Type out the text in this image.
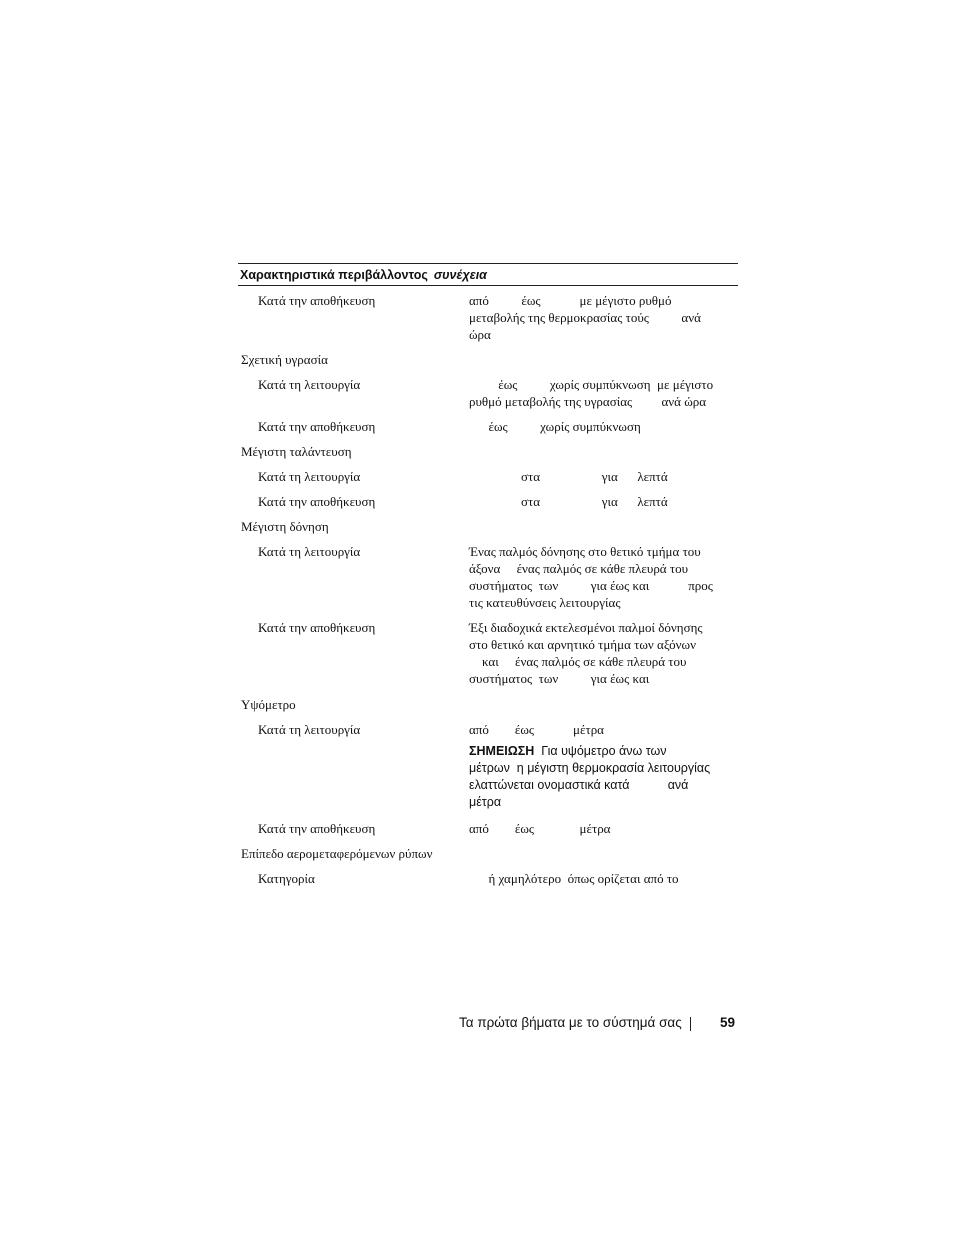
Χαρακτηριστικά περιβάλλοντος συνέχεια
Κατά την αποθήκευση	από          έως            με μέγιστο ρυθμό
μεταβολής της θερμοκρασίας τούς          ανά
ώρα
Σχετική υγρασία
Κατά τη λειτουργία	έως          χωρίς συμπύκνωση  με μέγιστο
ρυθμό μεταβολής της υγρασίας         ανά ώρα
Κατά την αποθήκευση	έως          χωρίς συμπύκνωση
Μέγιστη ταλάντευση
Κατά τη λειτουργία	στα                   για      λεπτά
Κατά την αποθήκευση	στα                   για      λεπτά
Μέγιστη δόνηση
Κατά τη λειτουργία	Ένας παλμός δόνησης στο θετικό τμήμα του
άξονα     ένας παλμός σε κάθε πλευρά του
συστήματος  των          για έως και            προς
τις κατευθύνσεις λειτουργίας
Κατά την αποθήκευση	Έξι διαδοχικά εκτελεσμένοι παλμοί δόνησης
στο θετικό και αρνητικό τμήμα των αξόνων
και     ένας παλμός σε κάθε πλευρά του
συστήματος  των          για έως και
Υψόμετρο
Κατά τη λειτουργία	από        έως            μέτρα
ΣΗΜΕΙΩΣΗ  Για υψόμετρο άνω των
μέτρων  η μέγιστη θερμοκρασία λειτουργίας
ελαττώνεται ονομαστικά κατά           ανά
μέτρα
Κατά την αποθήκευση	από        έως              μέτρα
Επίπεδο αερομεταφερόμενων ρύπων
Κατηγορία	ή χαμηλότερο  όπως ορίζεται από το
Τα πρώτα βήματα με το σύστημά σας	59
